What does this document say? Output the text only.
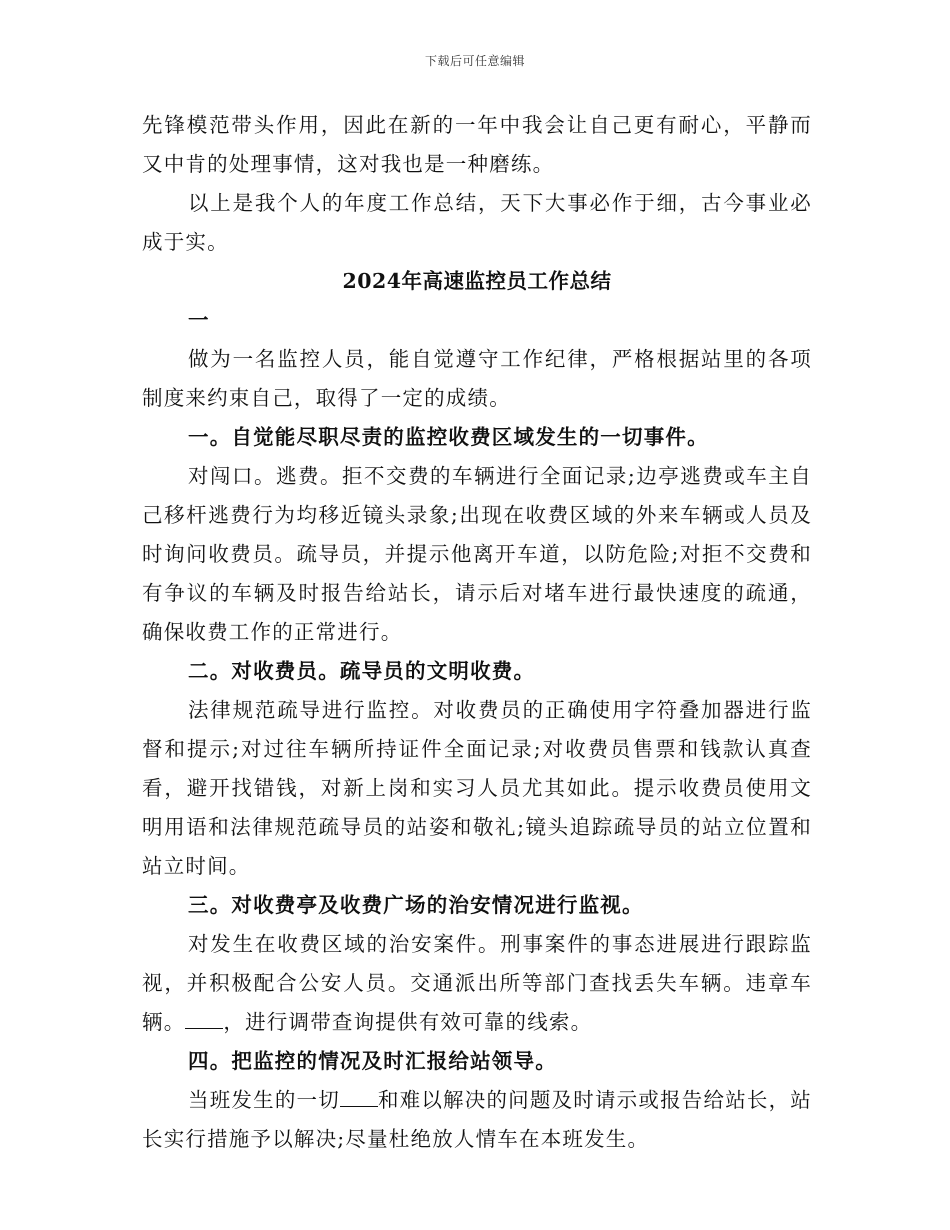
下载后可任意编辑

先锋模范带头作用，因此在新的一年中我会让自己更有耐心，平静而又中肯的处理事情，这对我也是一种磨练。

以上是我个人的年度工作总结，天下大事必作于细，古今事业必成于实。

2024年高速监控员工作总结

一

做为一名监控人员，能自觉遵守工作纪律，严格根据站里的各项制度来约束自己，取得了一定的成绩。

一。自觉能尽职尽责的监控收费区域发生的一切事件。

对闯口。逃费。拒不交费的车辆进行全面记录;边亭逃费或车主自己移杆逃费行为均移近镜头录象;出现在收费区域的外来车辆或人员及时询问收费员。疏导员，并提示他离开车道，以防危险;对拒不交费和有争议的车辆及时报告给站长，请示后对堵车进行最快速度的疏通，确保收费工作的正常进行。

二。对收费员。疏导员的文明收费。

法律规范疏导进行监控。对收费员的正确使用字符叠加器进行监督和提示;对过往车辆所持证件全面记录;对收费员售票和钱款认真查看，避开找错钱，对新上岗和实习人员尤其如此。提示收费员使用文明用语和法律规范疏导员的站姿和敬礼;镜头追踪疏导员的站立位置和站立时间。

三。对收费亭及收费广场的治安情况进行监视。

对发生在收费区域的治安案件。刑事案件的事态进展进行跟踪监视，并积极配合公安人员。交通派出所等部门查找丢失车辆。违章车辆。 ，进行调带查询提供有效可靠的线索。

四。把监控的情况及时汇报给站领导。

当班发生的一切 和难以解决的问题及时请示或报告给站长，站长实行措施予以解决;尽量杜绝放人情车在本班发生。
